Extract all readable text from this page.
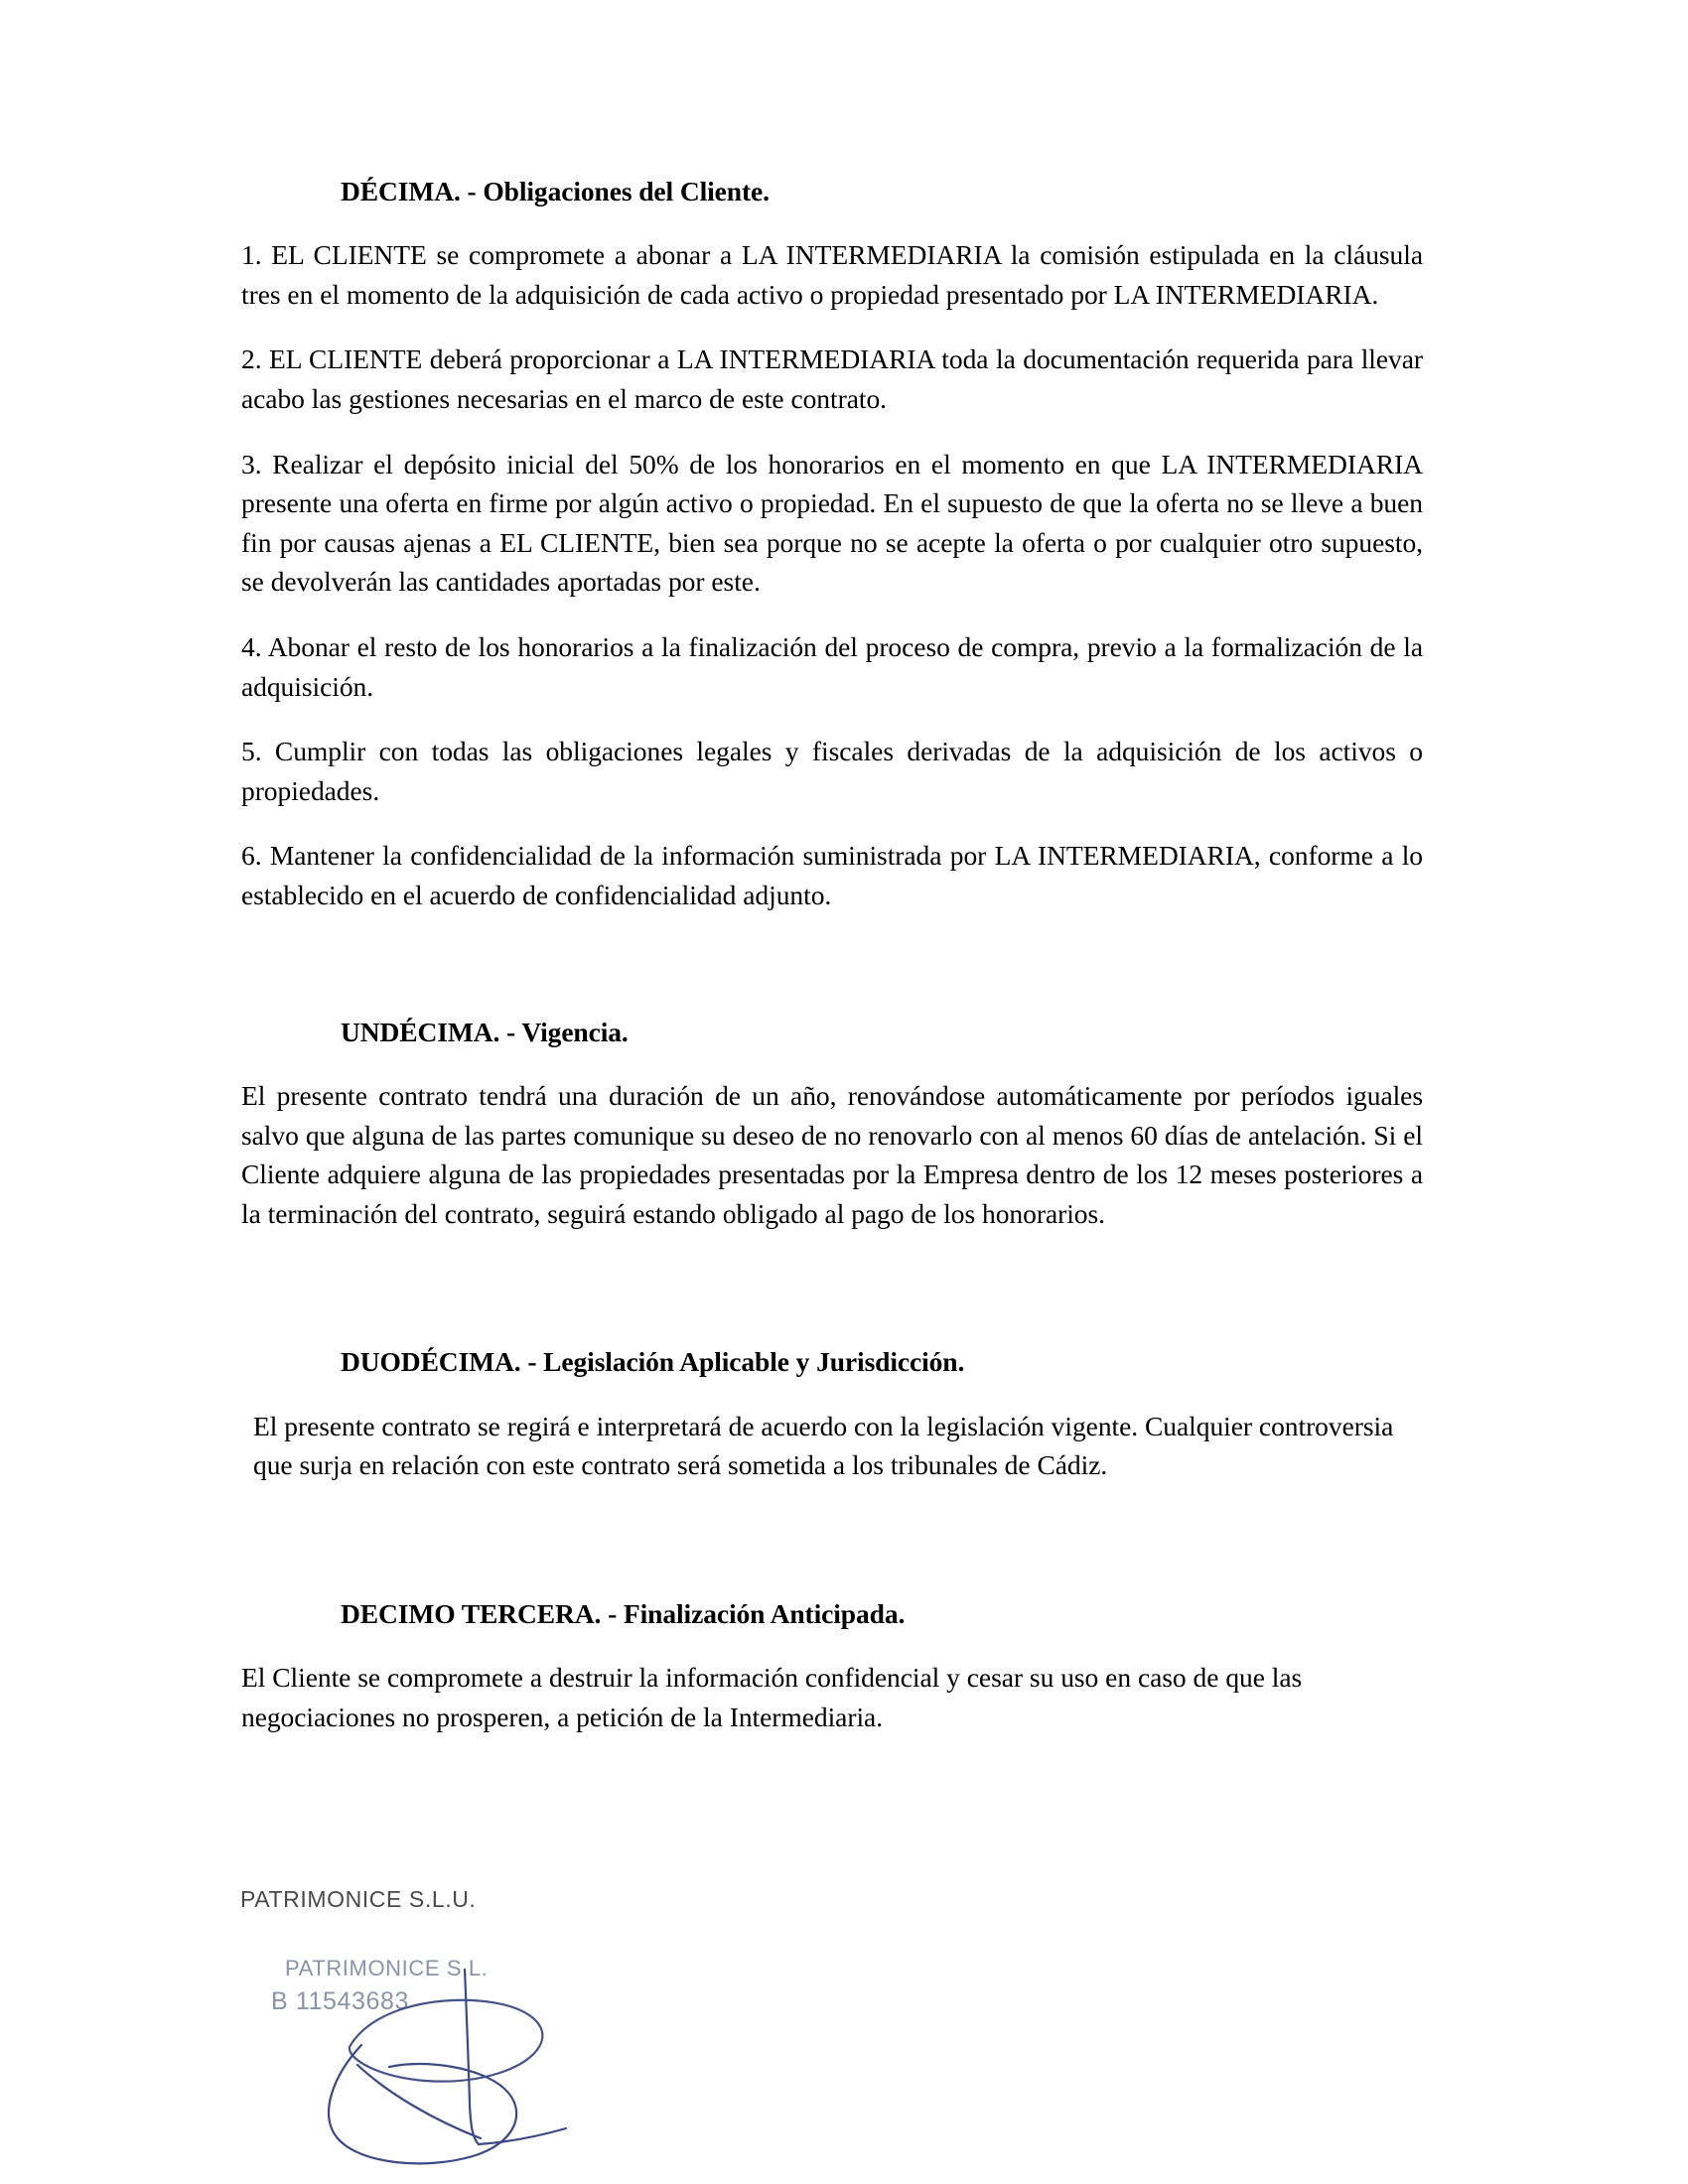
DÉCIMA. - Obligaciones del Cliente.

1. EL CLIENTE se compromete a abonar a LA INTERMEDIARIA la comisión estipulada en la cláusula tres en el momento de la adquisición de cada activo o propiedad presentado por LA INTERMEDIARIA.

2. EL CLIENTE deberá proporcionar a LA INTERMEDIARIA toda la documentación requerida para llevar acabo las gestiones necesarias en el marco de este contrato.

3. Realizar el depósito inicial del 50% de los honorarios en el momento en que LA INTERMEDIARIA presente una oferta en firme por algún activo o propiedad. En el supuesto de que la oferta no se lleve a buen fin por causas ajenas a EL CLIENTE, bien sea porque no se acepte la oferta o por cualquier otro supuesto, se devolverán las cantidades aportadas por este.

4. Abonar el resto de los honorarios a la finalización del proceso de compra, previo a la formalización de la adquisición.

5. Cumplir con todas las obligaciones legales y fiscales derivadas de la adquisición de los activos o propiedades.

6. Mantener la confidencialidad de la información suministrada por LA INTERMEDIARIA, conforme a lo establecido en el acuerdo de confidencialidad adjunto.

UNDÉCIMA. - Vigencia.

El presente contrato tendrá una duración de un año, renovándose automáticamente por períodos iguales salvo que alguna de las partes comunique su deseo de no renovarlo con al menos 60 días de antelación. Si el Cliente adquiere alguna de las propiedades presentadas por la Empresa dentro de los 12 meses posteriores a la terminación del contrato, seguirá estando obligado al pago de los honorarios.

DUODÉCIMA. - Legislación Aplicable y Jurisdicción.

El presente contrato se regirá e interpretará de acuerdo con la legislación vigente. Cualquier controversia que surja en relación con este contrato será sometida a los tribunales de Cádiz.

DECIMO TERCERA. - Finalización Anticipada.

El Cliente se compromete a destruir la información confidencial y cesar su uso en caso de que las negociaciones no prosperen, a petición de la Intermediaria.

PATRIMONICE S.L.U.
PATRIMONICE S.L.
B 11543683
